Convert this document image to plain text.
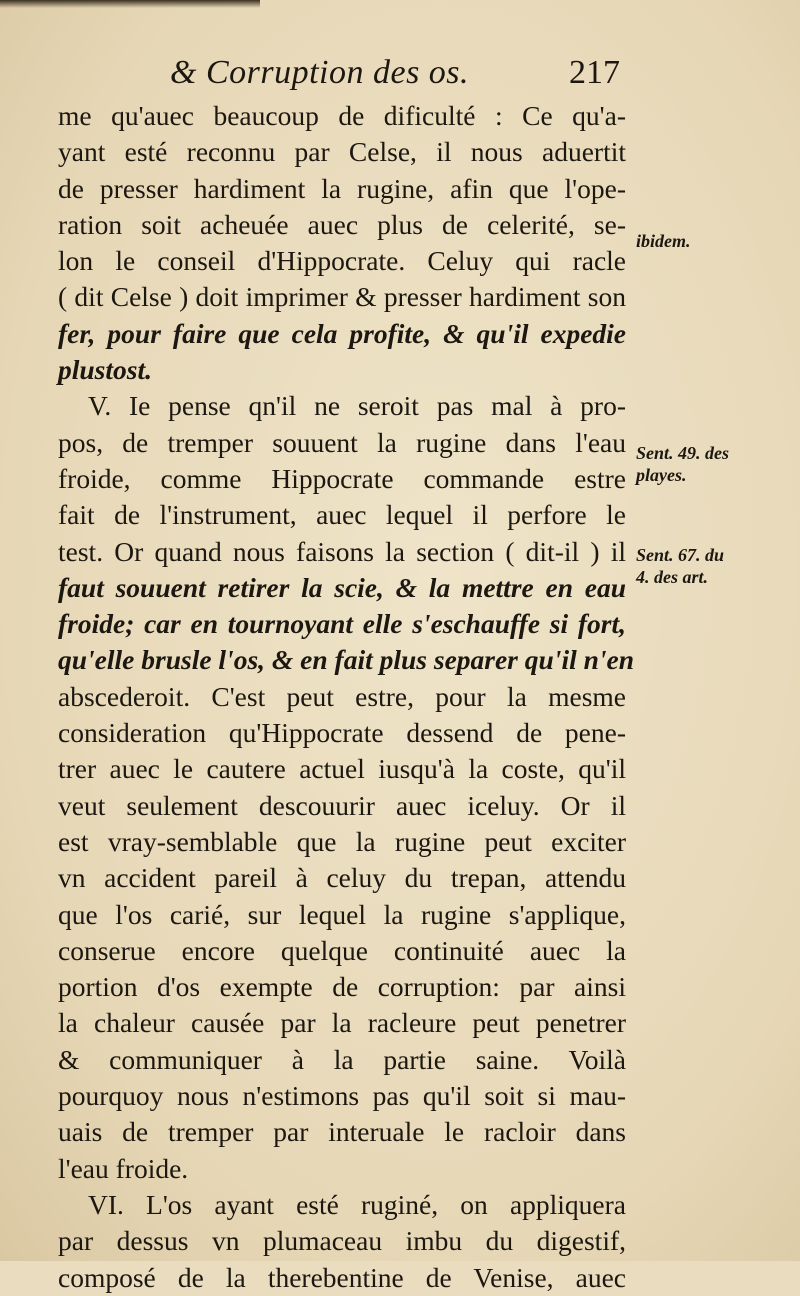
& Corruption des os.	217
me qu'auec beaucoup de dificulté : Ce qu'a-
yant esté reconnu par Celse, il nous aduertit
de presser hardiment la rugine, afin que l'ope-
ration soit acheuée auec plus de celerité, se-
lon le conseil d'Hippocrate. Celuy qui racle
( dit Celse ) doit imprimer & presser hardiment son
fer, pour faire que cela profite, & qu'il expedie
plustost.
V. Ie pense qn'il ne seroit pas mal à pro-
pos, de tremper souuent la rugine dans l'eau
froide, comme Hippocrate commande estre
fait de l'instrument, auec lequel il perfore le
test. Or quand nous faisons la section ( dit-il ) il
faut souuent retirer la scie, & la mettre en eau
froide; car en tournoyant elle s'eschauffe si fort,
qu'elle brusle l'os, & en fait plus separer qu'il n'en
abscederoit. C'est peut estre, pour la mesme
consideration qu'Hippocrate dessend de pene-
trer auec le cautere actuel iusqu'à la coste, qu'il
veut seulement descouurir auec iceluy. Or il
est vray-semblable que la rugine peut exciter
vn accident pareil à celuy du trepan, attendu
que l'os carié, sur lequel la rugine s'applique,
conserue encore quelque continuité auec la
portion d'os exempte de corruption: par ainsi
la chaleur causée par la racleure peut penetrer
& communiquer à la partie saine. Voilà
pourquoy nous n'estimons pas qu'il soit si mau-
uais de tremper par interuale le racloir dans
l'eau froide.
VI. L'os ayant esté ruginé, on appliquera
par dessus vn plumaceau imbu du digestif,
composé de la therebentine de Venise, auec
ibidem.
Sent. 49. des
playes.
Sent. 67. du
4. des art.
